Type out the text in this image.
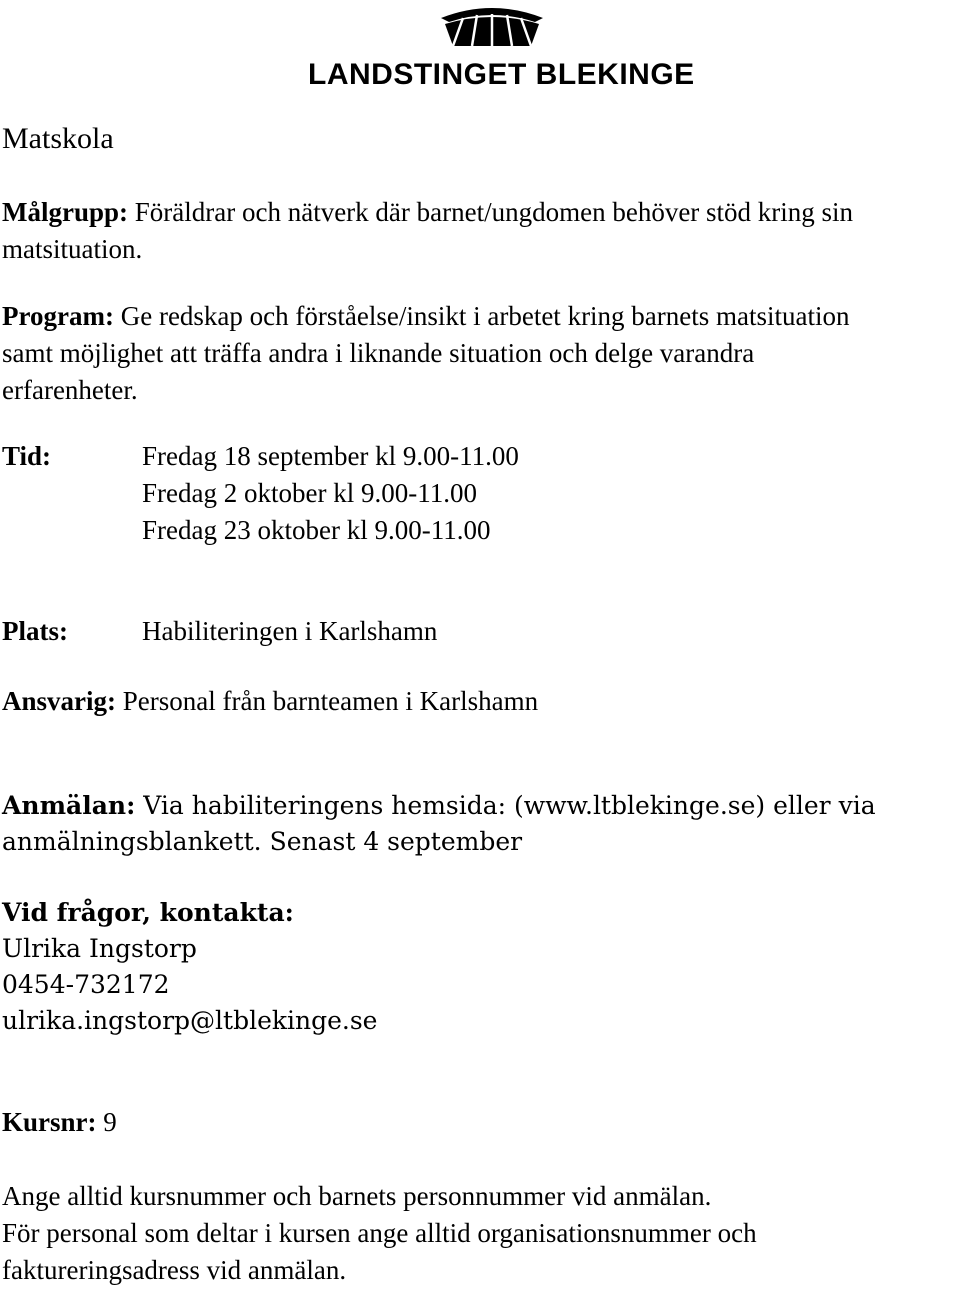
LANDSTINGET BLEKINGE
Matskola
Målgrupp: Föräldrar och nätverk där barnet/ungdomen behöver stöd kring sin
matsituation.
Program: Ge redskap och förståelse/insikt i arbetet kring barnets matsituation
samt möjlighet att träffa andra i liknande situation och delge varandra
erfarenheter.
Tid:	Fredag 18 september kl 9.00-11.00
Fredag 2 oktober kl 9.00-11.00
Fredag 23 oktober kl 9.00-11.00
Plats:	Habiliteringen i Karlshamn
Ansvarig: Personal från barnteamen i Karlshamn
Anmälan: Via habiliteringens hemsida: (www.ltblekinge.se) eller via
anmälningsblankett. Senast 4 september
Vid frågor, kontakta:
Ulrika Ingstorp
0454-732172
ulrika.ingstorp@ltblekinge.se
Kursnr: 9
Ange alltid kursnummer och barnets personnummer vid anmälan.
För personal som deltar i kursen ange alltid organisationsnummer och
faktureringsadress vid anmälan.
